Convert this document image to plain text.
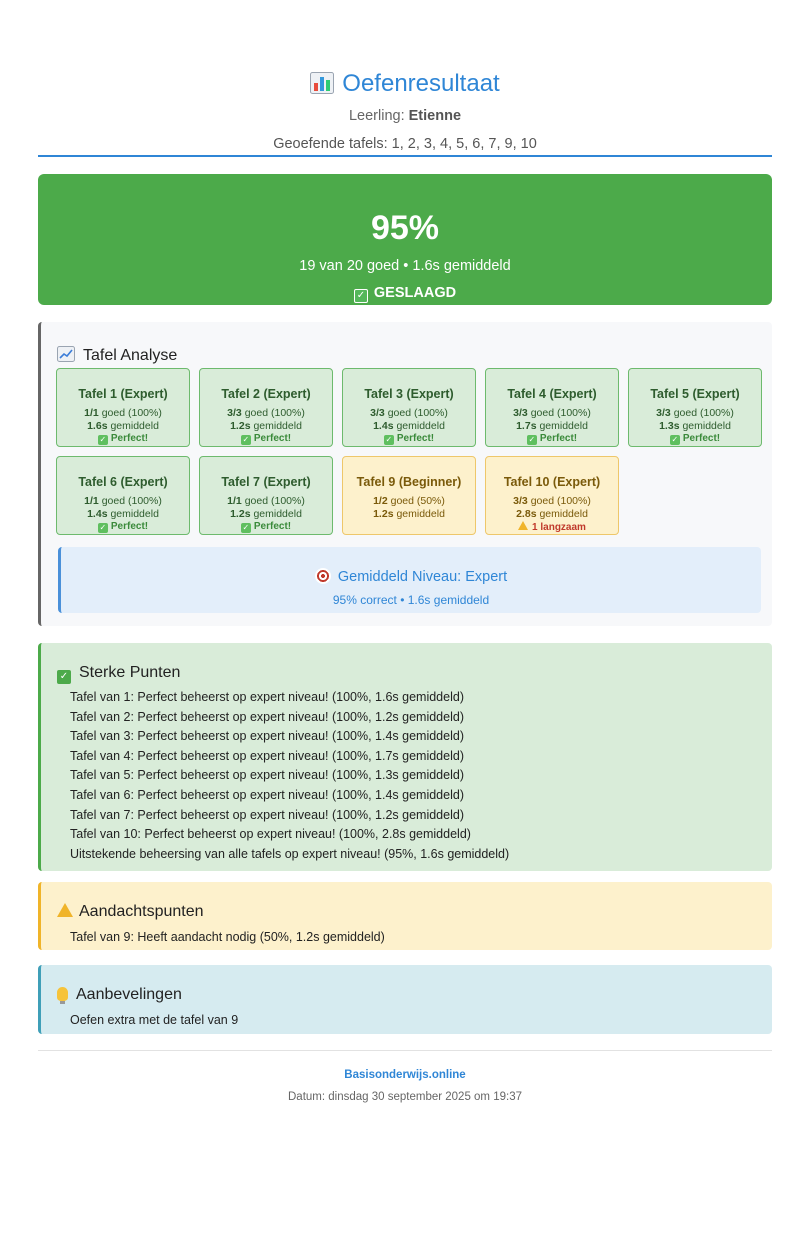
Oefenresultaat
Leerling: Etienne
Geoefende tafels: 1, 2, 3, 4, 5, 6, 7, 9, 10
95%
19 van 20 goed • 1.6s gemiddeld
✓ GESLAAGD
Tafel Analyse
Tafel 1 (Expert)
1/1 goed (100%)
1.6s gemiddeld
✓ Perfect!
Tafel 2 (Expert)
3/3 goed (100%)
1.2s gemiddeld
✓ Perfect!
Tafel 3 (Expert)
3/3 goed (100%)
1.4s gemiddeld
✓ Perfect!
Tafel 4 (Expert)
3/3 goed (100%)
1.7s gemiddeld
✓ Perfect!
Tafel 5 (Expert)
3/3 goed (100%)
1.3s gemiddeld
✓ Perfect!
Tafel 6 (Expert)
1/1 goed (100%)
1.4s gemiddeld
✓ Perfect!
Tafel 7 (Expert)
1/1 goed (100%)
1.2s gemiddeld
✓ Perfect!
Tafel 9 (Beginner)
1/2 goed (50%)
1.2s gemiddeld
Tafel 10 (Expert)
3/3 goed (100%)
2.8s gemiddeld
1 langzaam
Gemiddeld Niveau: Expert
95% correct • 1.6s gemiddeld
✓ Sterke Punten
Tafel van 1: Perfect beheerst op expert niveau! (100%, 1.6s gemiddeld)
Tafel van 2: Perfect beheerst op expert niveau! (100%, 1.2s gemiddeld)
Tafel van 3: Perfect beheerst op expert niveau! (100%, 1.4s gemiddeld)
Tafel van 4: Perfect beheerst op expert niveau! (100%, 1.7s gemiddeld)
Tafel van 5: Perfect beheerst op expert niveau! (100%, 1.3s gemiddeld)
Tafel van 6: Perfect beheerst op expert niveau! (100%, 1.4s gemiddeld)
Tafel van 7: Perfect beheerst op expert niveau! (100%, 1.2s gemiddeld)
Tafel van 10: Perfect beheerst op expert niveau! (100%, 2.8s gemiddeld)
Uitstekende beheersing van alle tafels op expert niveau! (95%, 1.6s gemiddeld)
Aandachtspunten
Tafel van 9: Heeft aandacht nodig (50%, 1.2s gemiddeld)
Aanbevelingen
Oefen extra met de tafel van 9
Basisonderwijs.online
Datum: dinsdag 30 september 2025 om 19:37
